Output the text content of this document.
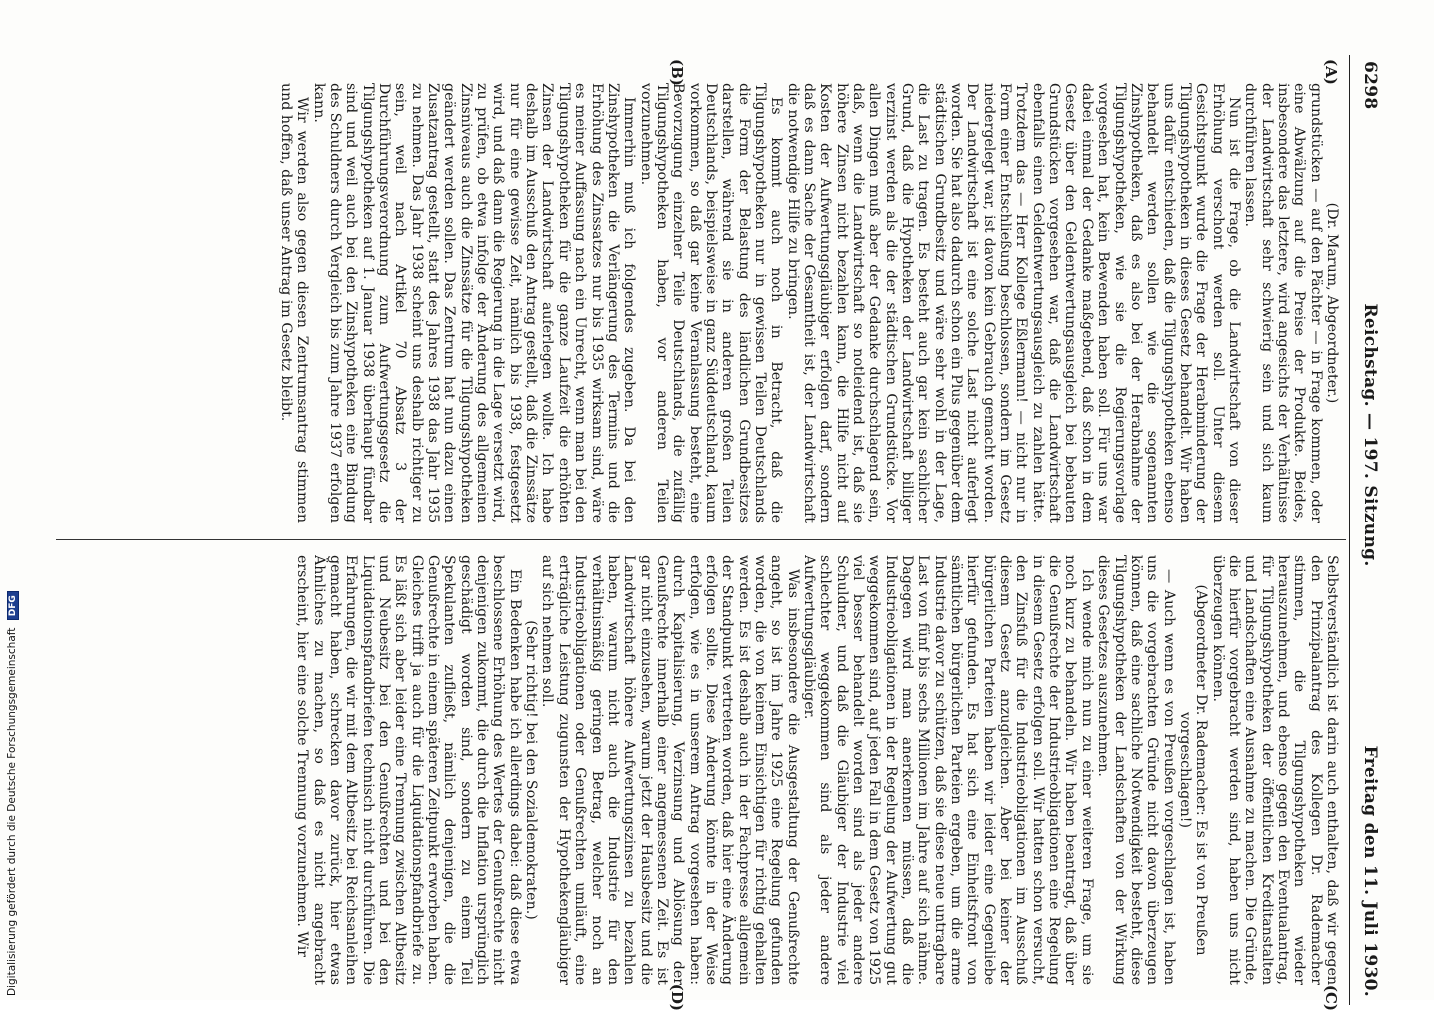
6298
Reichstag. — 197. Sitzung.
Freitag den 11. Juli 1930.
(A)
(B)
(C)
(D)

(Dr. Marum, Abgeordneter.)

grundstücken — auf den Pächter — in Frage kommen, oder eine Abwälzung auf die Preise der Produkte. Beides, insbesondere das letztere, wird angesichts der Verhältnisse der Landwirtschaft sehr schwierig sein und sich kaum durchführen lassen.

Nun ist die Frage, ob die Landwirtschaft von dieser Erhöhung verschont werden soll. Unter diesem Gesichtspunkt wurde die Frage der Herabminderung der Tilgungshypotheken in dieses Gesetz behandelt. Wir haben uns dafür entschieden, daß die Tilgungshypotheken ebenso behandelt werden sollen wie die sogenannten Zinshypotheken, daß es also bei der Herabnahme der Tilgungshypotheken, wie sie die Regierungsvorlage vorgesehen hat, kein Bewenden haben soll. Für uns war dabei einmal der Gedanke maßgebend, daß schon in dem Gesetz über den Geldentwertungsausgleich bei bebauten Grundstücken vorgesehen war, daß die Landwirtschaft ebenfalls einen Geldentwertungsausgleich zu zahlen hätte. Trotzdem das — Herr Kollege Eßlermann! — nicht nur in Form einer Entschließung beschlossen, sondern im Gesetz niedergelegt war, ist davon kein Gebrauch gemacht worden. Der Landwirtschaft ist eine solche Last nicht auferlegt worden. Sie hat also dadurch schon ein Plus gegenüber dem städtischen Grundbesitz und wäre sehr wohl in der Lage, die Last zu tragen. Es besteht auch gar kein sachlicher Grund, daß die Hypotheken der Landwirtschaft billiger verzinst werden als die der städtischen Grundstücke. Vor allen Dingen muß aber der Gedanke durchschlagend sein, daß, wenn die Landwirtschaft so notleidend ist, daß sie höhere Zinsen nicht bezahlen kann, die Hilfe nicht auf Kosten der Aufwertungsgläubiger erfolgen darf, sondern daß es dann Sache der Gesamtheit ist, der Landwirtschaft die notwendige Hilfe zu bringen.

Es kommt auch noch in Betracht, daß die Tilgungshypotheken nur in gewissen Teilen Deutschlands die Form der Belastung des ländlichen Grundbesitzes darstellen, während sie in anderen großen Teilen Deutschlands, beispielsweise in ganz Süddeutschland, kaum vorkommen, so daß gar keine Veranlassung besteht, eine Bevorzugung einzelner Teile Deutschlands, die zufällig Tilgungshypotheken haben, vor anderen Teilen vorzunehmen.

Immerhin muß ich folgendes zugeben. Da bei den Zinshypotheken die Verlängerung des Termins und die Erhöhung des Zinssatzes nur bis 1935 wirksam sind, wäre es meiner Auffassung nach ein Unrecht, wenn man bei den Tilgungshypotheken für die ganze Laufzeit die erhöhten Zinsen der Landwirtschaft auferlegen wollte. Ich habe deshalb im Ausschuß den Antrag gestellt, daß die Zinssätze nur für eine gewisse Zeit, nämlich bis 1938, festgesetzt wird, und daß dann die Regierung in die Lage versetzt wird, zu prüfen, ob etwa infolge der Änderung des allgemeinen Zinsniveaus auch die Zinssätze für die Tilgungshypotheken geändert werden sollen. Das Zentrum hat nun dazu einen Zusatzantrag gestellt, statt des Jahres 1938 das Jahr 1935 zu nehmen. Das Jahr 1938 scheint uns deshalb richtiger zu sein, weil nach Artikel 70 Absatz 3 der Durchführungsverordnung zum Aufwertungsgesetz die Tilgungshypotheken auf 1. Januar 1938 überhaupt fündbar sind und weil auch bei den Zinshypotheken eine Bindung des Schuldners durch Vergleich bis zum Jahre 1937 erfolgen kann.

Wir werden also gegen diesen Zentrumsantrag stimmen und hoffen, daß unser Antrag im Gesetz bleibt.

Selbstverständlich ist darin auch enthalten, daß wir gegen den Prinzipalantrag des Kollegen Dr. Rademacher stimmen, die Tilgungshypotheken wieder herauszunehmen, und ebenso gegen den Eventualantrag, für Tilgungshypotheken der öffentlichen Kreditanstalten und Landschaften eine Ausnahme zu machen. Die Gründe, die hierfür vorgebracht werden sind, haben uns nicht überzeugen können.

(Abgeordneter Dr. Rademacher: Es ist von Preußen vorgeschlagen!)

— Auch wenn es von Preußen vorgeschlagen ist, haben uns die vorgebrachten Gründe nicht davon überzeugen können, daß eine sachliche Notwendigkeit besteht, diese Tilgungshypotheken der Landschaften von der Wirkung dieses Gesetzes auszunehmen.

Ich wende mich nun zu einer weiteren Frage, um sie noch kurz zu behandeln. Wir haben beantragt, daß über die Genußrechte der Industrieobligationen eine Regelung in diesem Gesetz erfolgen soll. Wir hatten schon versucht, den Zinsfuß für die Industrieobligationen im Ausschuß diesem Gesetz anzugleichen. Aber bei keiner der bürgerlichen Parteien haben wir leider eine Gegenliebe hierfür gefunden. Es hat sich eine Einheitsfront von sämtlichen bürgerlichen Parteien ergeben, um die arme Industrie davor zu schützen, daß sie diese neue untragbare Last von fünf bis sechs Millionen im Jahre auf sich nähme. Dagegen wird man anerkennen müssen, daß die Industrieobligationen in der Regelung der Aufwertung gut weggekommen sind, auf jeden Fall in dem Gesetz von 1925 viel besser behandelt worden sind als jeder andere Schuldner, und daß die Gläubiger der Industrie viel schlechter weggekommen sind als jeder andere Aufwertungsgläubiger.

Was insbesondere die Ausgestaltung der Genußrechte angeht, so ist im Jahre 1925 eine Regelung gefunden worden, die von keinem Einsichtigen für richtig gehalten werden. Es ist deshalb auch in der Fachpresse allgemein der Standpunkt vertreten worden, daß hier eine Änderung erfolgen sollte. Diese Änderung könnte in der Weise erfolgen, wie es in unserem Antrag vorgesehen haben: durch Kapitalisierung, Verzinsung und Ablösung der Genußrechte innerhalb einer angemessenen Zeit. Es ist gar nicht einzusehen, warum jetzt der Hausbesitz und die Landwirtschaft höhere Aufwertungszinsen zu bezahlen haben, warum nicht auch die Industrie für den verhältnismäßig geringen Betrag, welcher noch an Industrieobligationen oder Genußrechten umläuft, eine erträgliche Leistung zugunsten der Hypothekengläubiger auf sich nehmen soll.

(Sehr richtig! bei den Sozialdemokraten.)

Ein Bedenken habe ich allerdings dabei: daß diese etwa beschlossene Erhöhung des Wertes der Genußrechte nicht denjenigen zukommt, die durch die Inflation ursprünglich geschädigt worden sind, sondern zu einem Teil Spekulanten zufließt, nämlich denjenigen, die die Genußrechte in einem späteren Zeitpunkt erworben haben. Gleiches trifft ja auch für die Liquidationspfandbriefe zu. Es läßt sich aber leider eine Trennung zwischen Altbesitz und Neubesitz bei den Genußrechten und bei den Liquidationspfandbriefen technisch nicht durchführen. Die Erfahrungen, die wir mit dem Altbesitz bei Reichsanleihen gemacht haben, schrecken davor zurück, hier etwas Ähnliches zu machen, so daß es nicht angebracht erscheint, hier eine solche Trennung vorzunehmen. Wir

Digitalisierung gefördert durch die Deutsche Forschungsgemeinschaft DFG
